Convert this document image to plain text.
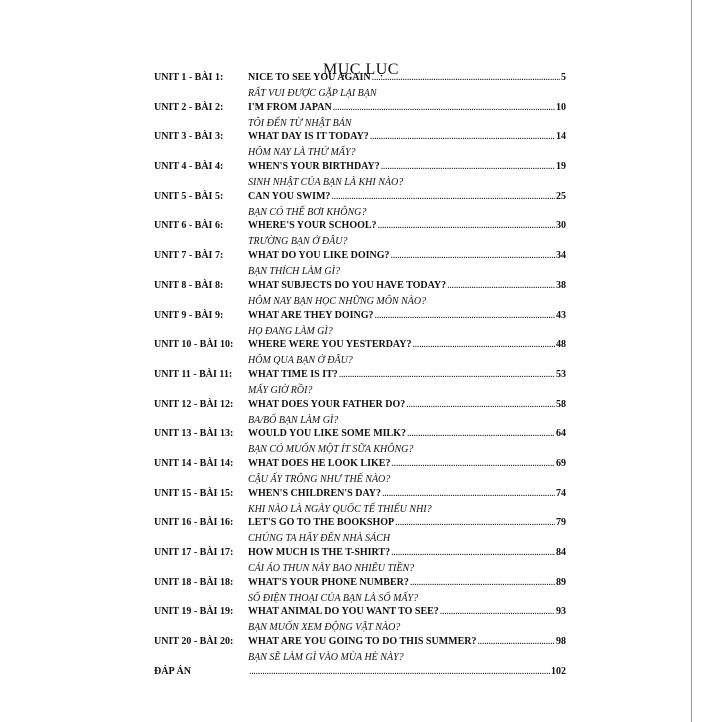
MỤC LỤC
UNIT 1 - BÀI 1:	NICE TO SEE YOU AGAIN .....	5
RẤT VUI ĐƯỢC GẶP LẠI BẠN
UNIT 2 - BÀI 2:	I'M FROM JAPAN .....	10
TÔI ĐẾN TỪ NHẬT BẢN
UNIT 3 - BÀI 3:	WHAT DAY IS IT TODAY? .....	14
HÔM NAY LÀ THỨ MẤY?
UNIT 4 - BÀI 4:	WHEN'S YOUR BIRTHDAY? .....	19
SINH NHẬT CỦA BẠN LÀ KHI NÀO?
UNIT 5 - BÀI 5:	CAN YOU SWIM? .....	25
BẠN CÓ THỂ BƠI KHÔNG?
UNIT 6 - BÀI 6:	WHERE'S YOUR SCHOOL? .....	30
TRƯỜNG BẠN Ở ĐÂU?
UNIT 7 - BÀI 7:	WHAT DO YOU LIKE DOING? .....	34
BẠN THÍCH LÀM GÌ?
UNIT 8 - BÀI 8:	WHAT SUBJECTS DO YOU HAVE TODAY? .....	38
HÔM NAY BẠN HỌC NHỮNG MÔN NÀO?
UNIT 9 - BÀI 9:	WHAT ARE THEY DOING? .....	43
HỌ ĐANG LÀM GÌ?
UNIT 10 - BÀI 10:	WHERE WERE YOU YESTERDAY? .....	48
HÔM QUA BẠN Ở ĐÂU?
UNIT 11 - BÀI 11:	WHAT TIME IS IT? .....	53
MẤY GIỜ RỒI?
UNIT 12 - BÀI 12:	WHAT DOES YOUR FATHER DO? .....	58
BA/BỐ BẠN LÀM GÌ?
UNIT 13 - BÀI 13:	WOULD YOU LIKE SOME MILK? .....	64
BẠN CÓ MUỐN MỘT ÍT SỮA KHÔNG?
UNIT 14 - BÀI 14:	WHAT DOES HE LOOK LIKE? .....	69
CẬU ẤY TRÔNG NHƯ THẾ NÀO?
UNIT 15 - BÀI 15:	WHEN'S CHILDREN'S DAY? .....	74
KHI NÀO LÀ NGÀY QUỐC TẾ THIẾU NHI?
UNIT 16 - BÀI 16:	LET'S GO TO THE BOOKSHOP .....	79
CHÚNG TA HÃY ĐẾN NHÀ SÁCH
UNIT 17 - BÀI 17:	HOW MUCH IS THE T-SHIRT? .....	84
CÁI ÁO THUN NÀY BAO NHIÊU TIỀN?
UNIT 18 - BÀI 18:	WHAT'S YOUR PHONE NUMBER? .....	89
SỐ ĐIỆN THOẠI CỦA BẠN LÀ SỐ MẤY?
UNIT 19 - BÀI 19:	WHAT ANIMAL DO YOU WANT TO SEE? .....	93
BẠN MUỐN XEM ĐỘNG VẬT NÀO?
UNIT 20 - BÀI 20:	WHAT ARE YOU GOING TO DO THIS SUMMER? .....	98
BẠN SẼ LÀM GÌ VÀO MÙA HÈ NÀY?
ĐÁP ÁN .....	102
